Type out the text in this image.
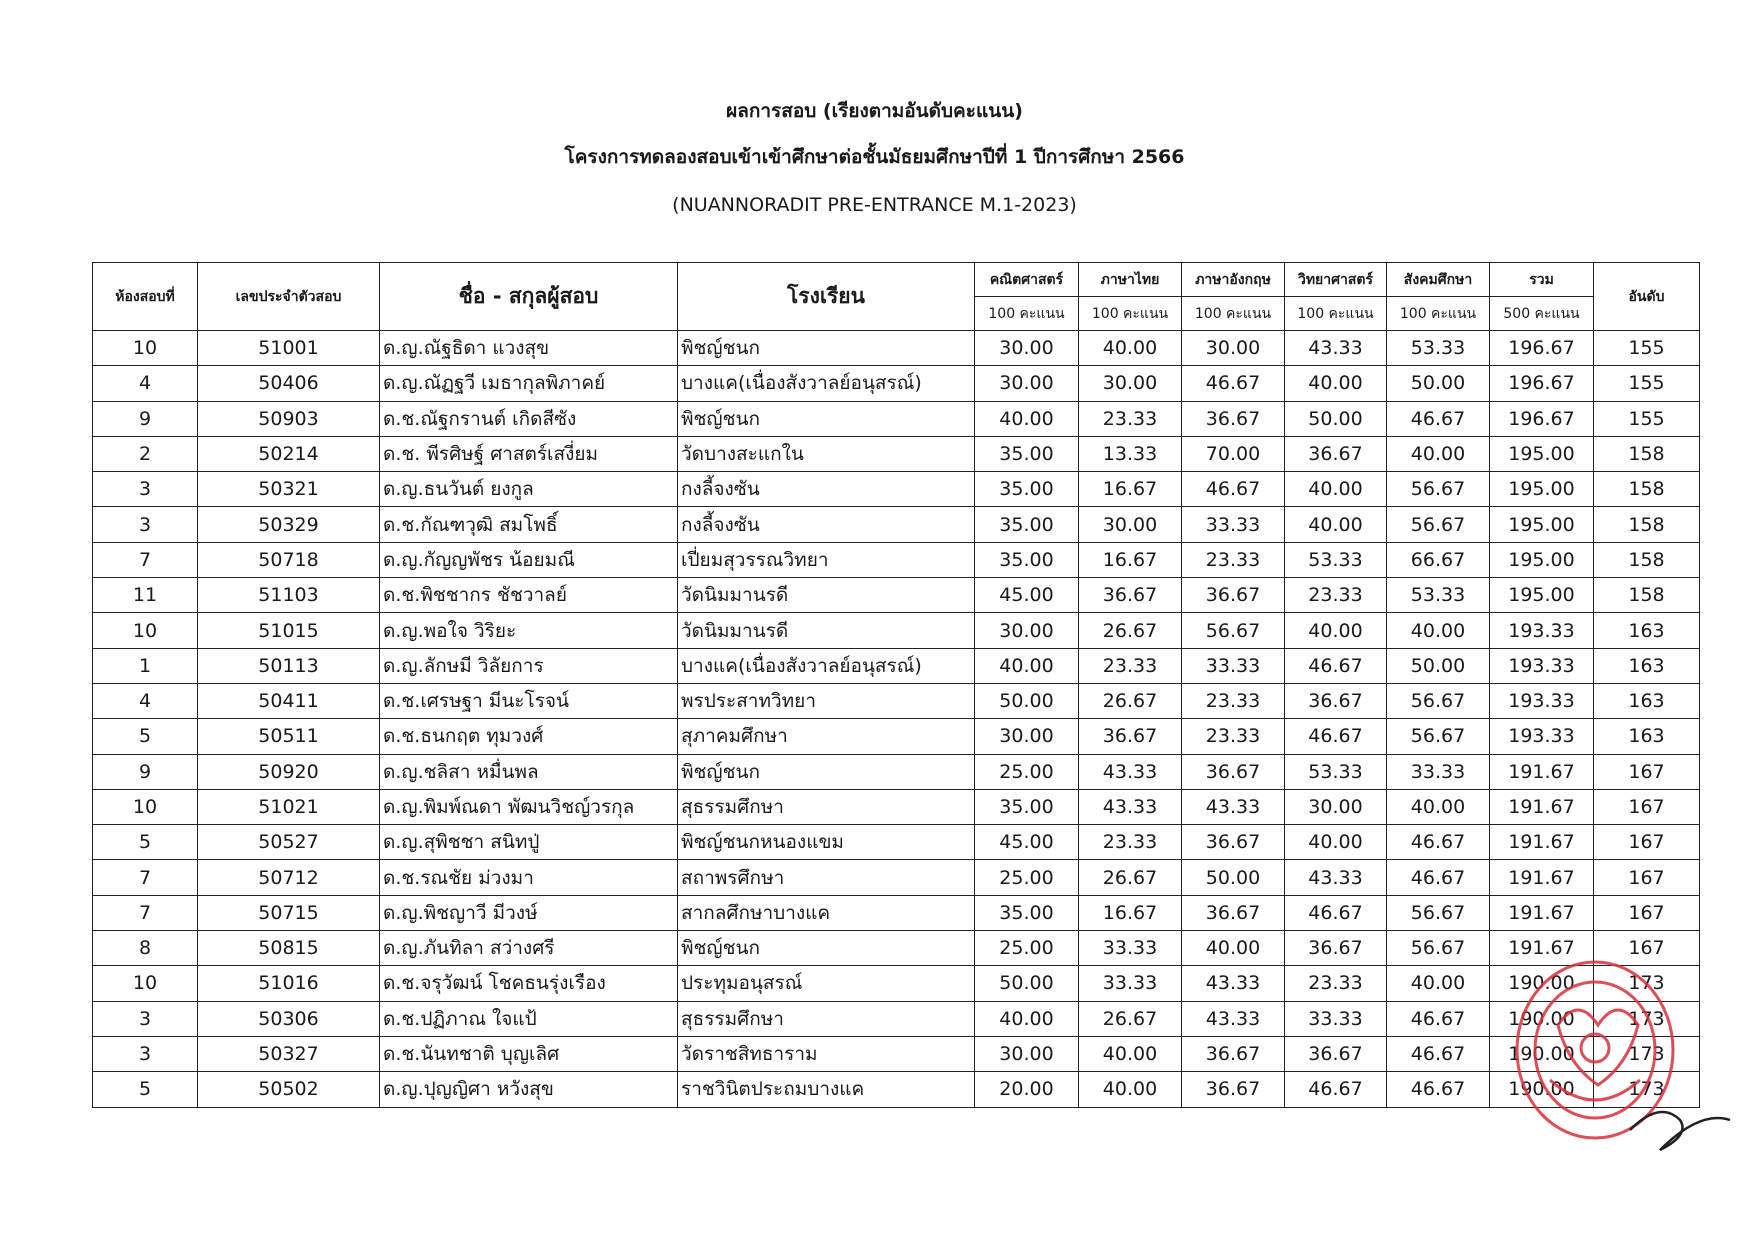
ผลการสอบ (เรียงตามอันดับคะแนน)
โครงการทดลองสอบเข้าเข้าศึกษาต่อชั้นมัธยมศึกษาปีที่ 1 ปีการศึกษา 2566
(NUANNORADIT PRE-ENTRANCE M.1-2023)
ห้องสอบที่	เลขประจำตัวสอบ	ชื่อ - สกุลผู้สอบ	โรงเรียน	คณิตศาสตร์	ภาษาไทย	ภาษาอังกฤษ	วิทยาศาสตร์	สังคมศึกษา	รวม	อันดับ
				100 คะแนน	100 คะแนน	100 คะแนน	100 คะแนน	100 คะแนน	500 คะแนน	
10	51001	ด.ญ.ณัฐธิดา แวงสุข	พิชญ์ชนก	30.00	40.00	30.00	43.33	53.33	196.67	155
4	50406	ด.ญ.ณัฏฐวี เมธากุลพิภาคย์	บางแค(เนื่องสังวาลย์อนุสรณ์)	30.00	30.00	46.67	40.00	50.00	196.67	155
9	50903	ด.ช.ณัฐกรานต์ เกิดสีซัง	พิชญ์ชนก	40.00	23.33	36.67	50.00	46.67	196.67	155
2	50214	ด.ช. พีรศิษฐ์ ศาสตร์เสงี่ยม	วัดบางสะแกใน	35.00	13.33	70.00	36.67	40.00	195.00	158
3	50321	ด.ญ.ธนวันต์ ยงกูล	กงลี้จงซัน	35.00	16.67	46.67	40.00	56.67	195.00	158
3	50329	ด.ช.กัณฑวุฒิ สมโพธิ์	กงลี้จงซัน	35.00	30.00	33.33	40.00	56.67	195.00	158
7	50718	ด.ญ.กัญญพัชร น้อยมณี	เปี่ยมสุวรรณวิทยา	35.00	16.67	23.33	53.33	66.67	195.00	158
11	51103	ด.ช.พิชชากร ชัชวาลย์	วัดนิมมานรดี	45.00	36.67	36.67	23.33	53.33	195.00	158
10	51015	ด.ญ.พอใจ วิริยะ	วัดนิมมานรดี	30.00	26.67	56.67	40.00	40.00	193.33	163
1	50113	ด.ญ.ลักษมี วิลัยการ	บางแค(เนื่องสังวาลย์อนุสรณ์)	40.00	23.33	33.33	46.67	50.00	193.33	163
4	50411	ด.ช.เศรษฐา มีนะโรจน์	พรประสาทวิทยา	50.00	26.67	23.33	36.67	56.67	193.33	163
5	50511	ด.ช.ธนกฤต ทุมวงศ์	สุภาคมศึกษา	30.00	36.67	23.33	46.67	56.67	193.33	163
9	50920	ด.ญ.ชลิสา หมื่นพล	พิชญ์ชนก	25.00	43.33	36.67	53.33	33.33	191.67	167
10	51021	ด.ญ.พิมพ์ณดา พัฒนวิชญ์วรกุล	สุธรรมศึกษา	35.00	43.33	43.33	30.00	40.00	191.67	167
5	50527	ด.ญ.สุพิชชา สนิทปู่	พิชญ์ชนกหนองแขม	45.00	23.33	36.67	40.00	46.67	191.67	167
7	50712	ด.ช.รณชัย ม่วงมา	สถาพรศึกษา	25.00	26.67	50.00	43.33	46.67	191.67	167
7	50715	ด.ญ.พิชญาวี มีวงษ์	สากลศึกษาบางแค	35.00	16.67	36.67	46.67	56.67	191.67	167
8	50815	ด.ญ.ภันทิลา สว่างศรี	พิชญ์ชนก	25.00	33.33	40.00	36.67	56.67	191.67	167
10	51016	ด.ช.จรุวัฒน์ โชคธนรุ่งเรือง	ประทุมอนุสรณ์	50.00	33.33	43.33	23.33	40.00	190.00	173
3	50306	ด.ช.ปฏิภาณ ใจแป้	สุธรรมศึกษา	40.00	26.67	43.33	33.33	46.67	190.00	173
3	50327	ด.ช.นันทชาติ บุญเลิศ	วัดราชสิทธาราม	30.00	40.00	36.67	36.67	46.67	190.00	173
5	50502	ด.ญ.ปุญญิศา หวังสุข	ราชวินิตประถมบางแค	20.00	40.00	36.67	46.67	46.67	190.00	173
